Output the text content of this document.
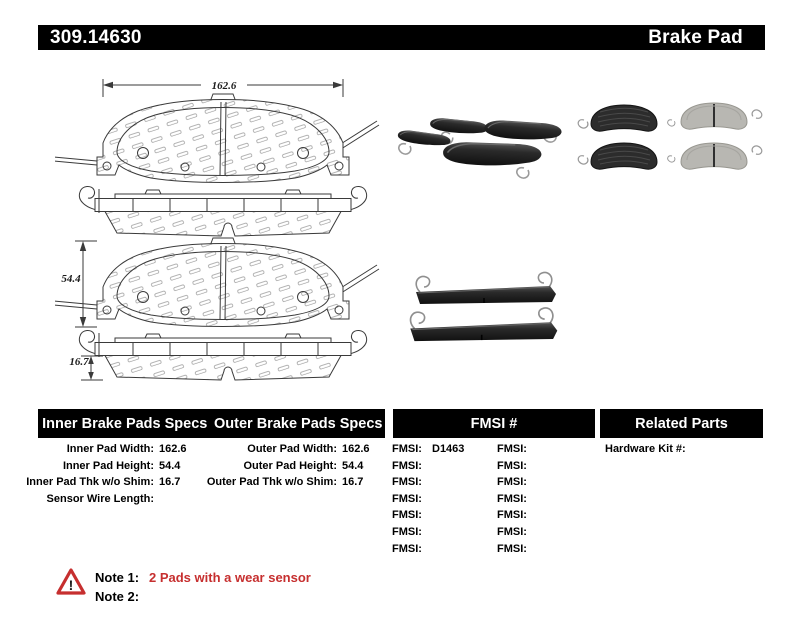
309.14630	Brake Pad
162.6
54.4
16.7
Inner Brake Pads Specs Outer Brake Pads Specs	FMSI #	Related Parts
Inner Pad Width: 162.6
Inner Pad Height: 54.4
Inner Pad Thk w/o Shim: 16.7
Sensor Wire Length:
Outer Pad Width: 162.6
Outer Pad Height: 54.4
Outer Pad Thk w/o Shim: 16.7
FMSI: D1463
FMSI:
FMSI:
FMSI:
FMSI:
FMSI:
FMSI:
FMSI:
FMSI:
FMSI:
FMSI:
FMSI:
FMSI:
FMSI:
Hardware Kit #:
! Note 1: 2 Pads with a wear sensor
Note 2:
